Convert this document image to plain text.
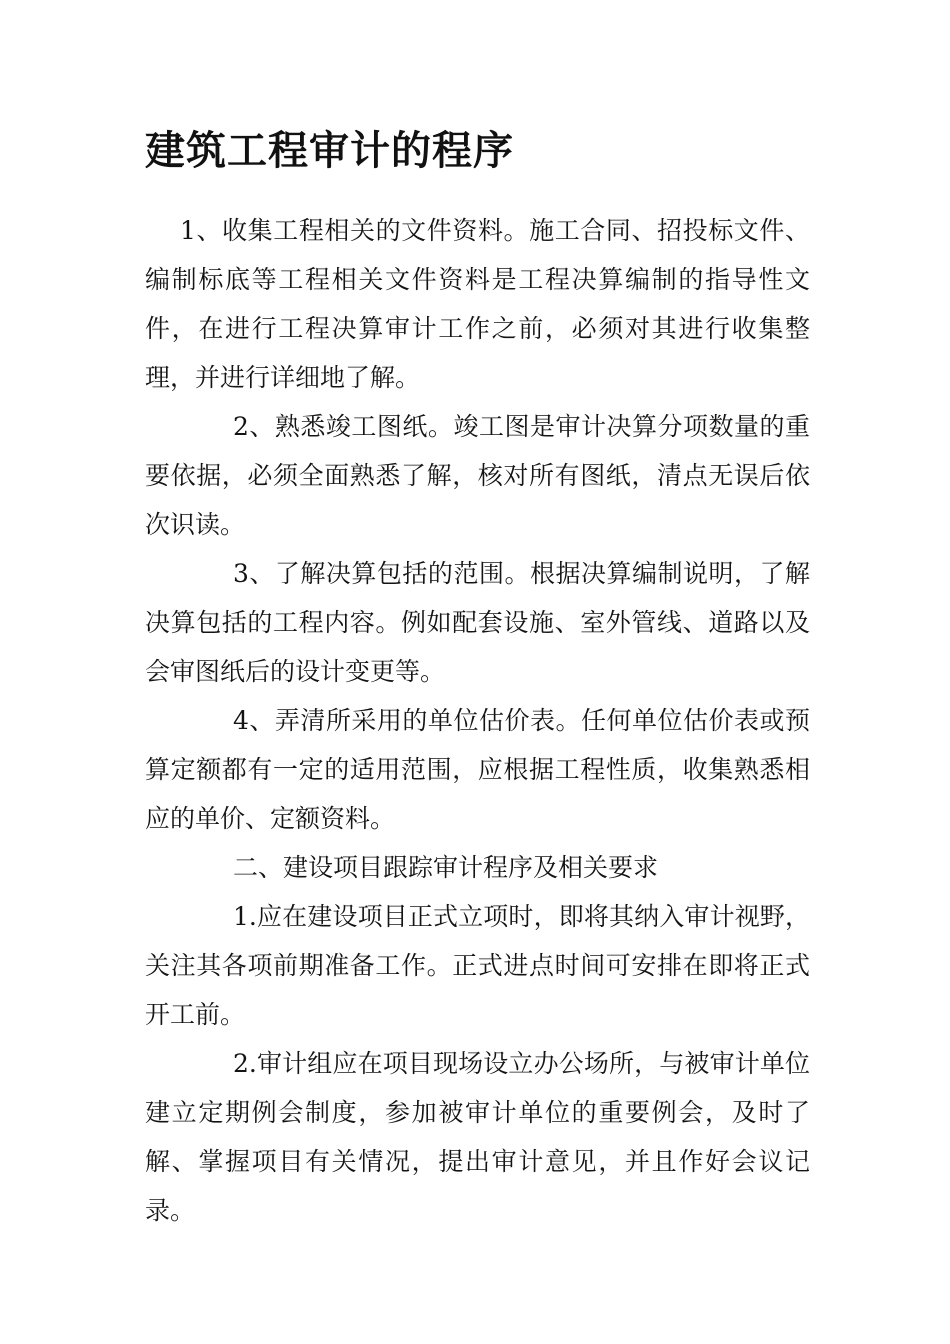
建筑工程审计的程序

1、收集工程相关的文件资料。施工合同、招投标文件、编制标底等工程相关文件资料是工程决算编制的指导性文件，在进行工程决算审计工作之前，必须对其进行收集整理，并进行详细地了解。

2、熟悉竣工图纸。竣工图是审计决算分项数量的重要依据，必须全面熟悉了解，核对所有图纸，清点无误后依次识读。

3、了解决算包括的范围。根据决算编制说明，了解决算包括的工程内容。例如配套设施、室外管线、道路以及会审图纸后的设计变更等。

4、弄清所采用的单位估价表。任何单位估价表或预算定额都有一定的适用范围，应根据工程性质，收集熟悉相应的单价、定额资料。

二、建设项目跟踪审计程序及相关要求

1.应在建设项目正式立项时，即将其纳入审计视野，关注其各项前期准备工作。正式进点时间可安排在即将正式开工前。

2.审计组应在项目现场设立办公场所，与被审计单位建立定期例会制度，参加被审计单位的重要例会，及时了解、掌握项目有关情况，提出审计意见，并且作好会议记录。
